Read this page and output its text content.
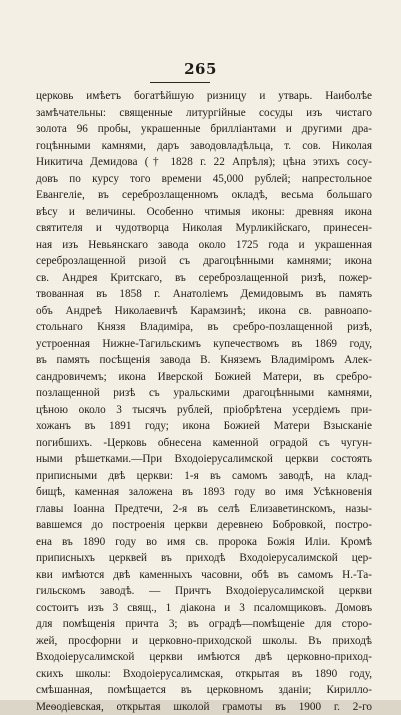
265
церковь имѣетъ богатѣйшую ризницу и утварь. Наиболѣе
замѣчательны: священные литургійные сосуды изъ чистаго
золота 96 пробы, украшенные брилліантами и другими дра-
гоцѣнными камнями, даръ заводовладѣльца, т. сов. Николая
Никитича Демидова († 1828 г. 22 Апрѣля); цѣна этихъ сосу-
довъ по курсу того времени 45,000 рублей; напрестольное
Евангеліе, въ сереброзлащенномъ окладѣ, весьма большаго
вѣсу и величины. Особенно чтимыя иконы: древняя икона
святителя и чудотворца Николая Мурликійскаго, принесен-
ная изъ Невьянскаго завода около 1725 года и украшенная
сереброзлащенной ризой съ драгоцѣнными камнями; икона
св. Андрея Критскаго, въ сереброзлащенной ризѣ, пожер-
твованная въ 1858 г. Анатоліемъ Демидовымъ въ память
объ Андреѣ Николаевичѣ Карамзинѣ; икона св. равноапо-
стольнаго Князя Владиміра, въ сребро-позлащенной ризѣ,
устроенная Нижне-Тагильскимъ купечествомъ въ 1869 году,
въ память посѣщенія завода В. Княземъ Владиміромъ Алек-
сандровичемъ; икона Иверской Божией Матери, въ сребро-
позлащенной ризѣ съ уральскими драгоцѣнными камнями,
цѣною около 3 тысячъ рублей, пріобрѣтена усердіемъ при-
хожанъ въ 1891 году; икона Божией Матери Взысканіе
погибшихъ. -Церковь обнесена каменной оградой съ чугун-
ными рѣшетками.—При Входоіерусалимской церкви состоять
приписными двѣ церкви: 1-я въ самомъ заводѣ, на клад-
бищѣ, каменная заложена въ 1893 году во имя Усѣкновенія
главы Іоанна Предтечи, 2-я въ селѣ Елизаветинскомъ, назы-
вавшемся до построенія церкви деревнею Бобровкой, постро-
ена въ 1890 году во имя св. пророка Божія Иліи. Кромѣ
приписныхъ церквей въ приходѣ Входоіерусалимской цер-
кви имѣются двѣ каменныхъ часовни, обѣ въ самомъ Н.-Та-
гильскомъ заводѣ. — Причтъ Входоіерусалимской церкви
состоитъ изъ 3 свящ., 1 діакона и 3 псаломщиковъ. Домовъ
для помѣщенія причта 3; въ оградѣ—помѣщеніе для сторо-
жей, просфорни и церковно-приходской школы. Въ приходѣ
Входоіерусалимской церкви имѣются двѣ церковно-приход-
скихъ школы: Входоіерусалимская, открытая въ 1890 году,
смѣшанная, помѣщается въ церковномъ зданіи; Кирилло-
Меѳодіевская, открытая школой грамоты въ 1900 г. 2-го
